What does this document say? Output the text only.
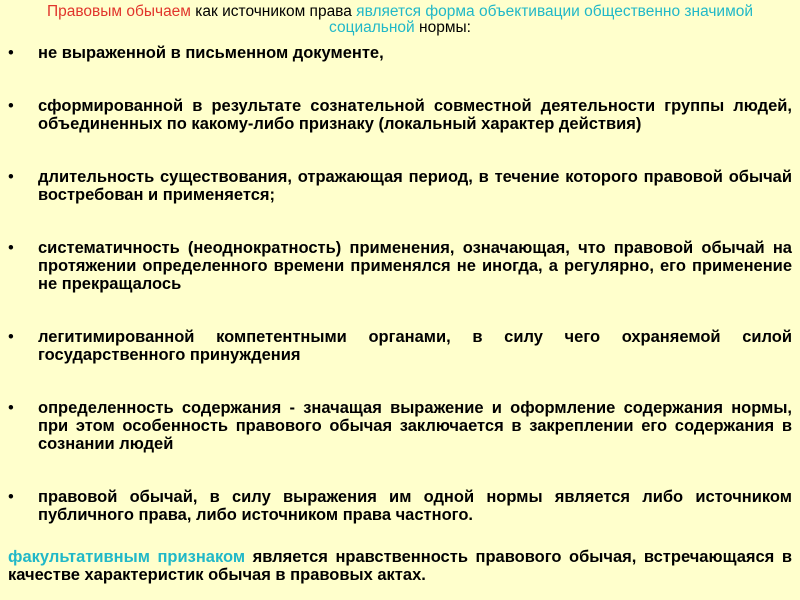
Правовым обычаем как источником права является форма объективации общественно значимой социальной нормы:
• не выраженной в письменном документе,
• сформированной в результате сознательной совместной деятельности группы людей, объединенных по какому-либо признаку (локальный характер действия)
• длительность существования, отражающая период, в течение которого правовой обычай востребован и применяется;
• систематичность (неоднократность) применения, означающая, что правовой обычай на протяжении определенного времени применялся не иногда, а регулярно, его применение не прекращалось
• легитимированной компетентными органами, в силу чего охраняемой силой государственного принуждения
• определенность содержания - значащая выражение и оформление содержания нормы, при этом особенность правового обычая заключается в закреплении его содержания в сознании людей
• правовой обычай, в силу выражения им одной нормы является либо источником публичного права, либо источником права частного.
факультативным признаком является нравственность правового обычая, встречающаяся в качестве характеристик обычая в правовых актах.
